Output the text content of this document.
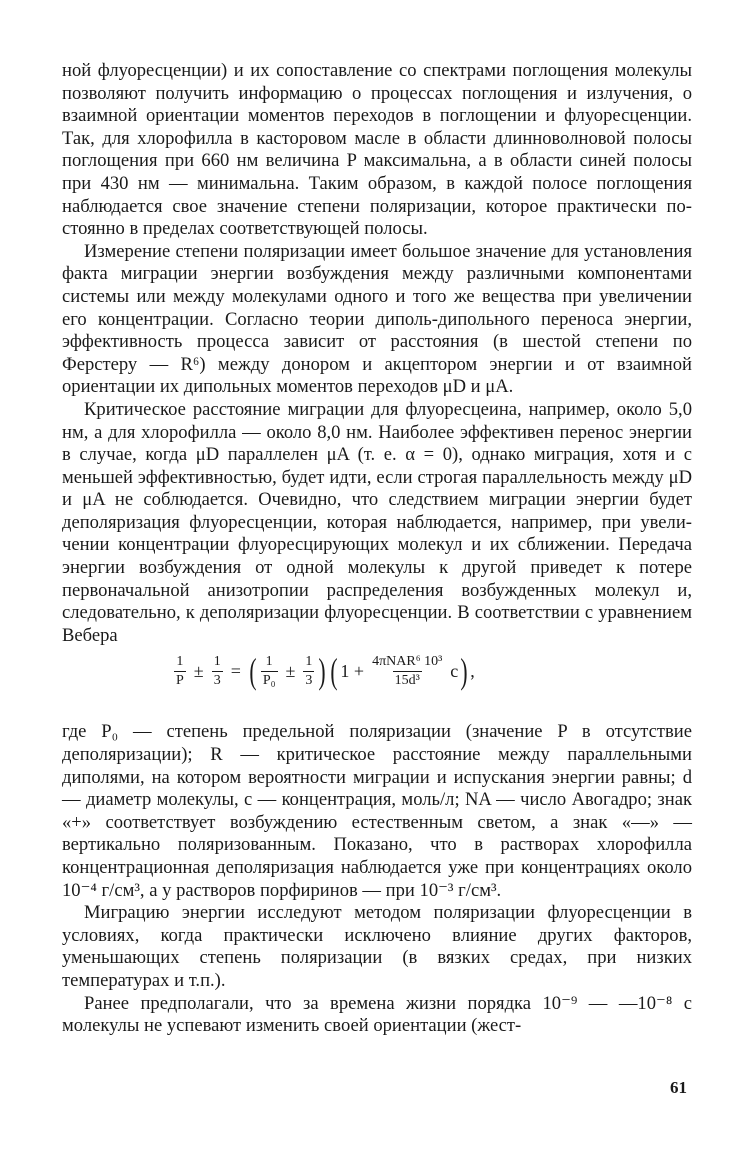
ной флуоресценции) и их сопоставление со спектрами поглощения молекулы позволяют получить информацию о процессах поглощения и излучения, о взаимной ориентации моментов переходов в поглощении и флуоресценции. Так, для хлорофилла в касторовом масле в области длинноволновой полосы поглощения при 660 нм величина P максимальна, а в области синей полосы при 430 нм — минимальна. Таким образом, в каждой полосе поглощения наблюдается свое значение степени поляризации, которое практически постоянно в пределах соответствующей полосы.

Измерение степени поляризации имеет большое значение для установления факта миграции энергии возбуждения между различными компонентами системы или между молекулами одного и того же вещества при увеличении его концентрации. Согласно теории диполь-дипольного переноса энергии, эффективность процесса зависит от расстояния (в шестой степени по Ферстеру — R⁶) между донором и акцептором энергии и от взаимной ориентации их дипольных моментов переходов μD и μA.

Критическое расстояние миграции для флуоресцеина, например, около 5,0 нм, а для хлорофилла — около 8,0 нм. Наиболее эффективен перенос энергии в случае, когда μD параллелен μA (т. е. α = 0), однако миграция, хотя и с меньшей эффективностью, будет идти, если строгая параллельность между μD и μA не соблюдается. Очевидно, что следствием миграции энергии будет деполяризация флуоресценции, которая наблюдается, например, при увеличении концентрации флуоресцирующих молекул и их сближении. Передача энергии возбуждения от одной молекулы к другой приведет к потере первоначальной анизотропии распределения возбужденных молекул и, следовательно, к деполяризации флуоресценции. В соответствии с уравнением Вебера

$\frac{1}{P} \pm \frac{1}{3}$ = ( $\frac{1}{\text{P₀}} \pm \frac{1}{3}$ ) ( $1 + \frac{\text{4πNAR⁶ 10³}}{\text{15d³}}$ c ) ,

где P₀ — степень предельной поляризации (значение P в отсутствие деполяризации); R — критическое расстояние между параллельными диполями, на котором вероятности миграции и испускания энергии равны; d — диаметр молекулы, c — концентрация, моль/л; NA — число Авогадро; знак «+» соответствует возбуждению естественным светом, а знак «—» — вертикально поляризованным. Показано, что в растворах хлорофилла концентрационная деполяризация наблюдается уже при концентрациях около 10⁻⁴ г/см³, а у растворов порфиринов — при 10⁻³ г/см³.

Миграцию энергии исследуют методом поляризации флуоресценции в условиях, когда практически исключено влияние других факторов, уменьшающих степень поляризации (в вязких средах, при низких температурах и т.п.).

Ранее предполагали, что за времена жизни порядка 10⁻⁹ — —10⁻⁸ с молекулы не успевают изменить своей ориентации (жест-

61
